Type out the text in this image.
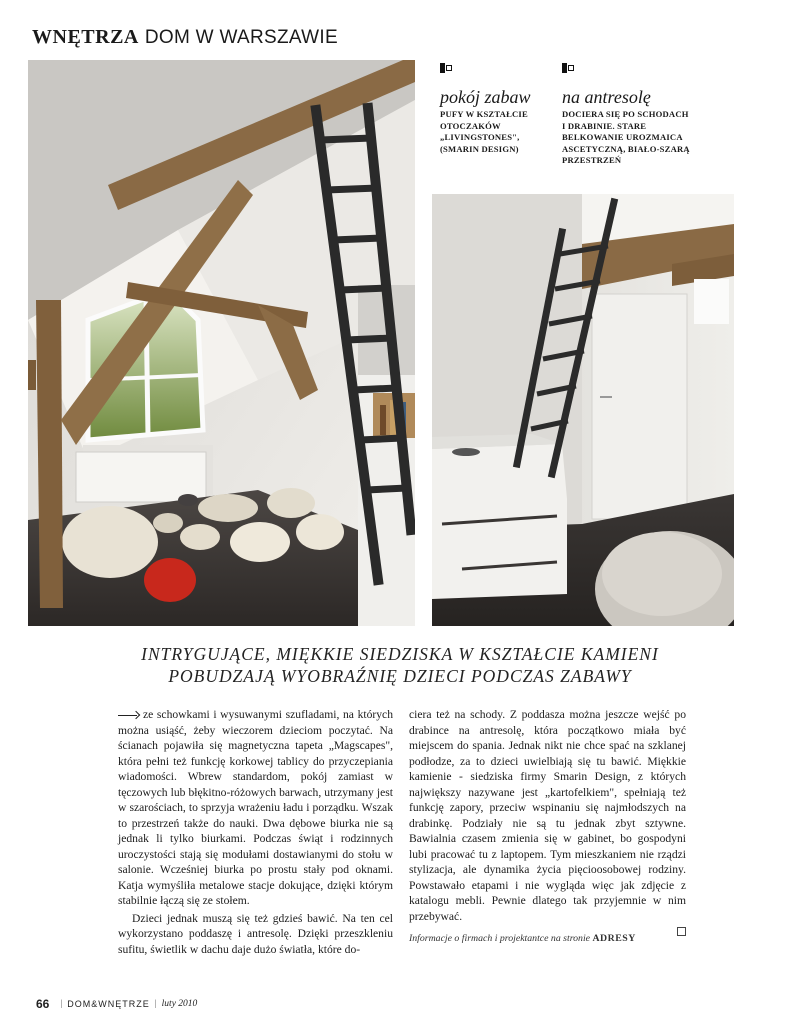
WNĘTRZA DOM W WARSZAWIE
pokój zabaw
PUFY W KSZTAŁCIE OTOCZAKÓW „LIVINGSTONES", (SMARIN DESIGN)
na antresolę
DOCIERA SIĘ PO SCHODACH I DRABINIE. STARE BELKOWANIE UROZMAICA ASCETYCZNĄ, BIAŁO-SZARĄ PRZESTRZEŃ
INTRYGUJĄCE, MIĘKKIE SIEDZISKA W KSZTAŁCIE KAMIENI
POBUDZAJĄ WYOBRAŹNIĘ DZIECI PODCZAS ZABAWY

ze schowkami i wysuwanymi szufladami, na których można usiąść, żeby wieczorem dzieciom poczytać. Na ścianach pojawiła się magnetyczna tapeta „Magscapes", która pełni też funkcję korkowej tablicy do przyczepiania wiadomości. Wbrew standardom, pokój zamiast w tęczowych lub błękitno-różowych barwach, utrzymany jest w szarościach, to sprzyja wrażeniu ładu i porządku. Wszak to przestrzeń także do nauki. Dwa dębowe biurka nie są jednak li tylko biurkami. Podczas świąt i rodzinnych uroczystości stają się modułami dostawianymi do stołu w salonie. Wcześniej biurka po prostu stały pod oknami. Katja wymyśliła metalowe stacje dokujące, dzięki którym stabilnie łączą się ze stołem.

Dzieci jednak muszą się też gdzieś bawić. Na ten cel wykorzystano poddaszę i antresolę. Dzięki przeszkleniu sufitu, świetlik w dachu daje dużo światła, które do-

ciera też na schody. Z poddasza można jeszcze wejść po drabince na antresolę, która początkowo miała być miejscem do spania. Jednak nikt nie chce spać na szklanej podłodze, za to dzieci uwielbiają się tu bawić. Miękkie kamienie - siedziska firmy Smarin Design, z których największy nazywane jest „kartofelkiem", spełniają też funkcję zapory, przeciw wspinaniu się najmłodszych na drabinkę. Podziały nie są tu jednak zbyt sztywne. Bawialnia czasem zmienia się w gabinet, bo gospodyni lubi pracować tu z laptopem. Tym mieszkaniem nie rządzi stylizacja, ale dynamika życia pięcioosobowej rodziny. Powstawało etapami i nie wygląda więc jak zdjęcie z katalogu mebli. Pewnie dlatego tak przyjemnie w nim przebywać.

Informacje o firmach i projektantce na stronie ADRESY
66 | DOM&WNĘTRZE | luty 2010
